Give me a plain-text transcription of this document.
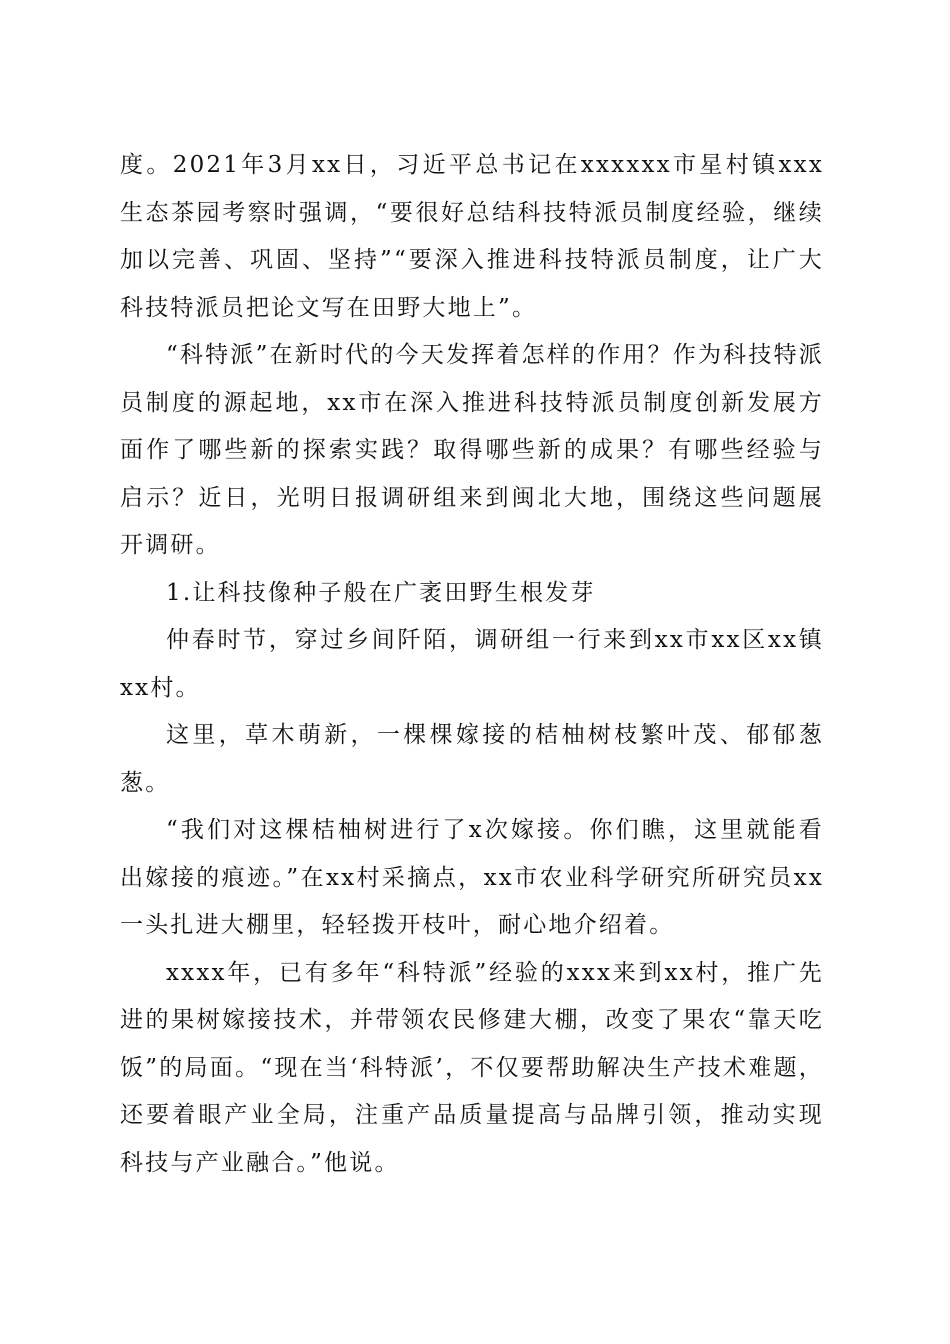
度。2021年3月xx日，习近平总书记在xxxxxx市星村镇xxx生态茶园考察时强调，“要很好总结科技特派员制度经验，继续加以完善、巩固、坚持”“要深入推进科技特派员制度，让广大科技特派员把论文写在田野大地上”。

“科特派”在新时代的今天发挥着怎样的作用？作为科技特派员制度的源起地，xx市在深入推进科技特派员制度创新发展方面作了哪些新的探索实践？取得哪些新的成果？有哪些经验与启示？近日，光明日报调研组来到闽北大地，围绕这些问题展开调研。

1.让科技像种子般在广袤田野生根发芽

仲春时节，穿过乡间阡陌，调研组一行来到xx市xx区xx镇xx村。

这里，草木萌新，一棵棵嫁接的桔柚树枝繁叶茂、郁郁葱葱。

“我们对这棵桔柚树进行了x次嫁接。你们瞧，这里就能看出嫁接的痕迹。”在xx村采摘点，xx市农业科学研究所研究员xx一头扎进大棚里，轻轻拨开枝叶，耐心地介绍着。

xxxx年，已有多年“科特派”经验的xxx来到xx村，推广先进的果树嫁接技术，并带领农民修建大棚，改变了果农“靠天吃饭”的局面。“现在当‘科特派’，不仅要帮助解决生产技术难题，还要着眼产业全局，注重产品质量提高与品牌引领，推动实现科技与产业融合。”他说。
